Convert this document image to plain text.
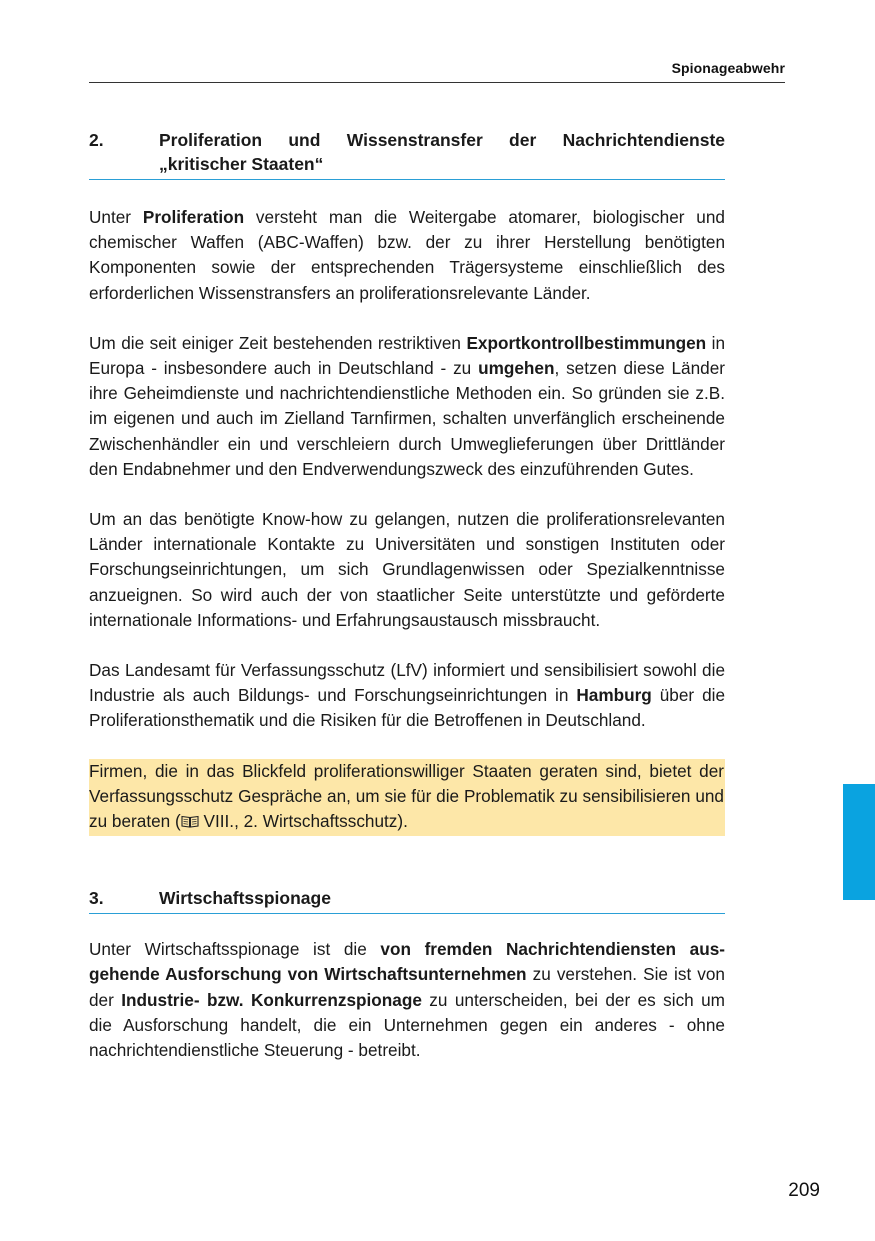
Spionageabwehr
2.	Proliferation und Wissenstransfer der Nachrichtendienste „kritischer Staaten“

Unter Proliferation versteht man die Weitergabe atomarer, biologischer und chemischer Waffen (ABC-Waffen) bzw. der zu ihrer Herstellung benötigten Komponenten sowie der entsprechenden Trägersysteme einschließlich des erforderlichen Wissenstransfers an proliferationsrelevante Länder.

Um die seit einiger Zeit bestehenden restriktiven Exportkontrollbestimmungen in Europa - insbesondere auch in Deutschland - zu umgehen, setzen diese Länder ihre Geheimdienste und nachrichtendienstliche Methoden ein. So gründen sie z.B. im eigenen und auch im Zielland Tarnfirmen, schalten unverfänglich erscheinende Zwischenhändler ein und verschleiern durch Umweglieferungen über Drittländer den Endabnehmer und den Endverwendungszweck des einzuführenden Gutes.

Um an das benötigte Know-how zu gelangen, nutzen die proliferationsrelevanten Länder internationale Kontakte zu Universitäten und sonstigen Instituten oder Forschungseinrichtungen, um sich Grundlagenwissen oder Spezialkenntnisse anzueignen. So wird auch der von staatlicher Seite unterstützte und geförderte internationale Informations- und Erfahrungsaustausch missbraucht.

Das Landesamt für Verfassungsschutz (LfV) informiert und sensibilisiert sowohl die Industrie als auch Bildungs- und Forschungseinrichtungen in Hamburg über die Proliferationsthematik und die Risiken für die Betroffenen in Deutschland.

Firmen, die in das Blickfeld proliferationswilliger Staaten geraten sind, bietet der Verfassungsschutz Gespräche an, um sie für die Problematik zu sensibilisieren und zu beraten ( VIII., 2. Wirtschaftsschutz).

3.	Wirtschaftsspionage

Unter Wirtschaftsspionage ist die von fremden Nachrichtendiensten ausgehende Ausforschung von Wirtschaftsunternehmen zu verstehen. Sie ist von der Industrie- bzw. Konkurrenzspionage zu unterscheiden, bei der es sich um die Ausforschung handelt, die ein Unternehmen gegen ein anderes - ohne nachrichtendienstliche Steuerung - betreibt.

209
